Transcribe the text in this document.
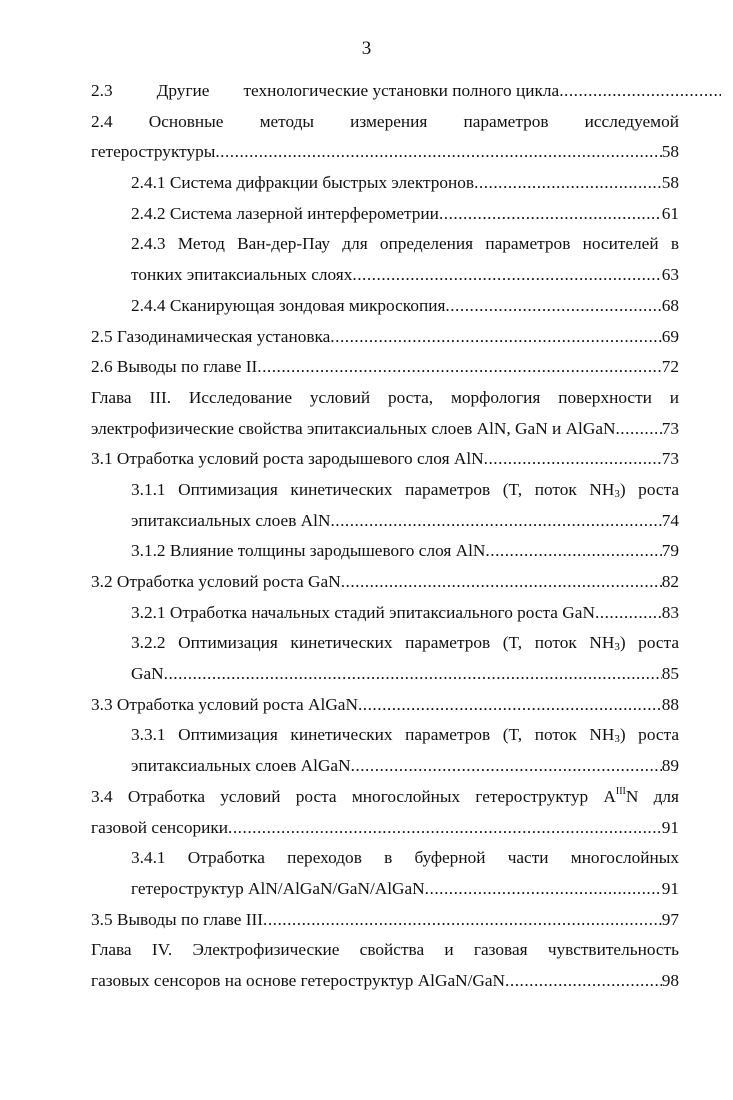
3
2.3	Другие технологические установки полного цикла
.....
2.4 Основные методы измерения параметров исследуемой
гетероструктуры .....	58
2.4.1 Система дифракции быстрых электронов .....	58
2.4.2 Система лазерной интерферометрии .....	61
2.4.3 Метод Ван-дер-Пау для определения параметров носителей в
тонких эпитаксиальных слоях .....	63
2.4.4 Сканирующая зондовая микроскопия .....	68
2.5 Газодинамическая установка .....	69
2.6 Выводы по главе II .....	72
Глава III. Исследование условий роста, морфология поверхности и
электрофизические свойства эпитаксиальных слоев AlN, GaN и AlGaN .....	73
3.1 Отработка условий роста зародышевого слоя AlN .....	73
3.1.1 Оптимизация кинетических параметров (T, поток $NH_3$) роста
эпитаксиальных слоев AlN .....	74
3.1.2 Влияние толщины зародышевого слоя AlN .....	79
3.2 Отработка условий роста GaN .....	82
3.2.1 Отработка начальных стадий эпитаксиального роста GaN .....	83
3.2.2 Оптимизация кинетических параметров (T, поток $NH_3$) роста
GaN .....	85
3.3 Отработка условий роста AlGaN .....	88
3.3.1 Оптимизация кинетических параметров (T, поток $NH_3$) роста
эпитаксиальных слоев AlGaN .....	89
3.4 Отработка условий роста многослойных гетероструктур $A^{III}N$ для
газовой сенсорики .....	91
3.4.1 Отработка переходов в буферной части многослойных
гетероструктур AlN/AlGaN/GaN/AlGaN .....	91
3.5 Выводы по главе III .....	97
Глава IV. Электрофизические свойства и газовая чувствительность
газовых сенсоров на основе гетероструктур AlGaN/GaN .....	98
